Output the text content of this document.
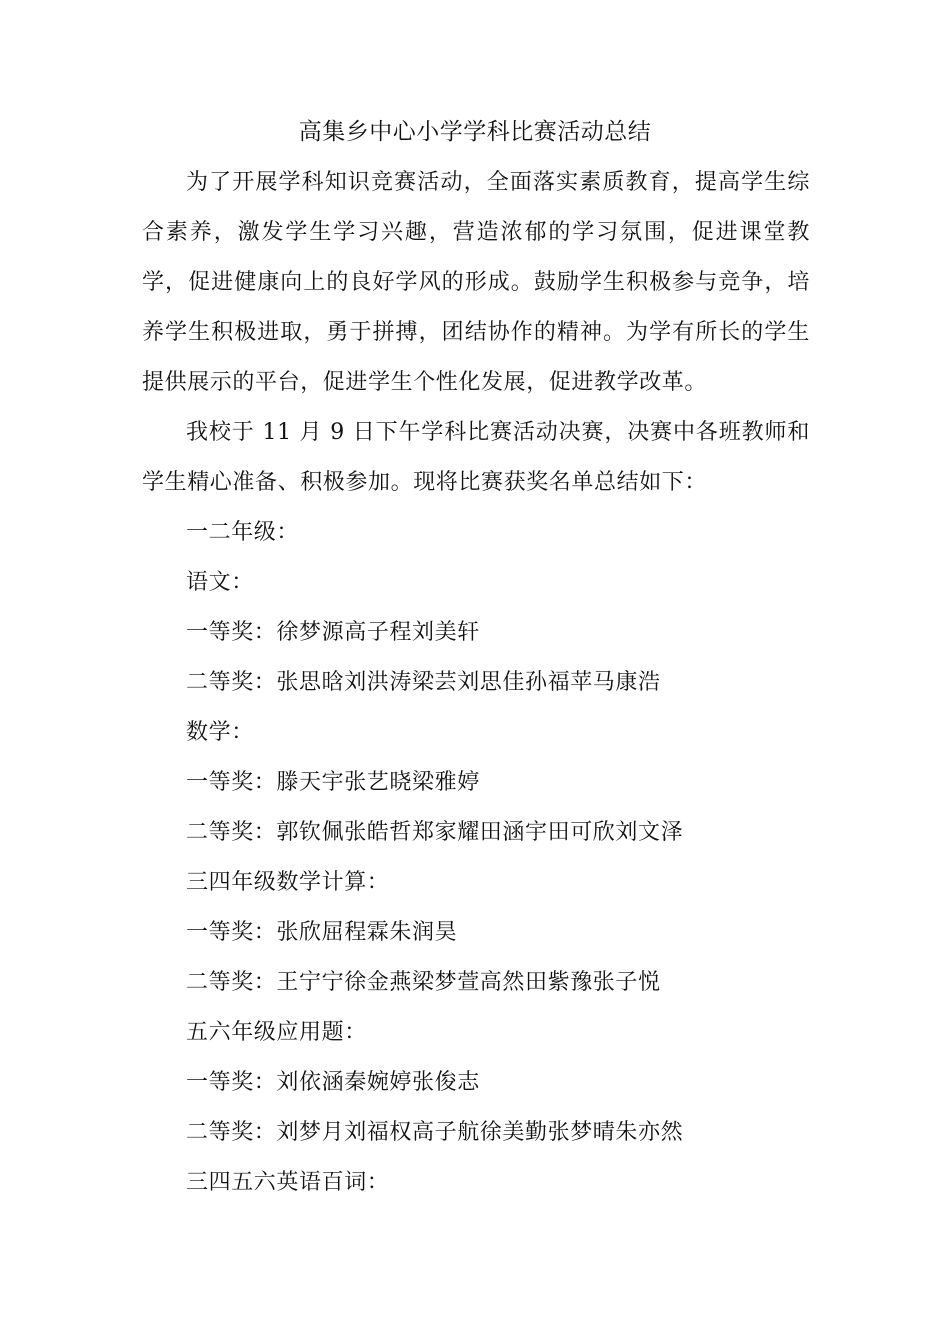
高集乡中心小学学科比赛活动总结

为了开展学科知识竞赛活动，全面落实素质教育，提高学生综合素养，激发学生学习兴趣，营造浓郁的学习氛围，促进课堂教学，促进健康向上的良好学风的形成。鼓励学生积极参与竞争，培养学生积极进取，勇于拼搏，团结协作的精神。为学有所长的学生提供展示的平台，促进学生个性化发展，促进教学改革。

我校于 11 月 9 日下午学科比赛活动决赛，决赛中各班教师和学生精心准备、积极参加。现将比赛获奖名单总结如下：

一二年级：

语文：

一等奖：徐梦源高子程刘美轩

二等奖：张思晗刘洪涛梁芸刘思佳孙福苹马康浩

数学：

一等奖：滕天宇张艺晓梁雅婷

二等奖：郭钦佩张皓哲郑家耀田涵宇田可欣刘文泽

三四年级数学计算：

一等奖：张欣屈程霖朱润昊

二等奖：王宁宁徐金燕梁梦萱高然田紫豫张子悦

五六年级应用题：

一等奖：刘依涵秦婉婷张俊志

二等奖：刘梦月刘福权高子航徐美勤张梦晴朱亦然

三四五六英语百词：
